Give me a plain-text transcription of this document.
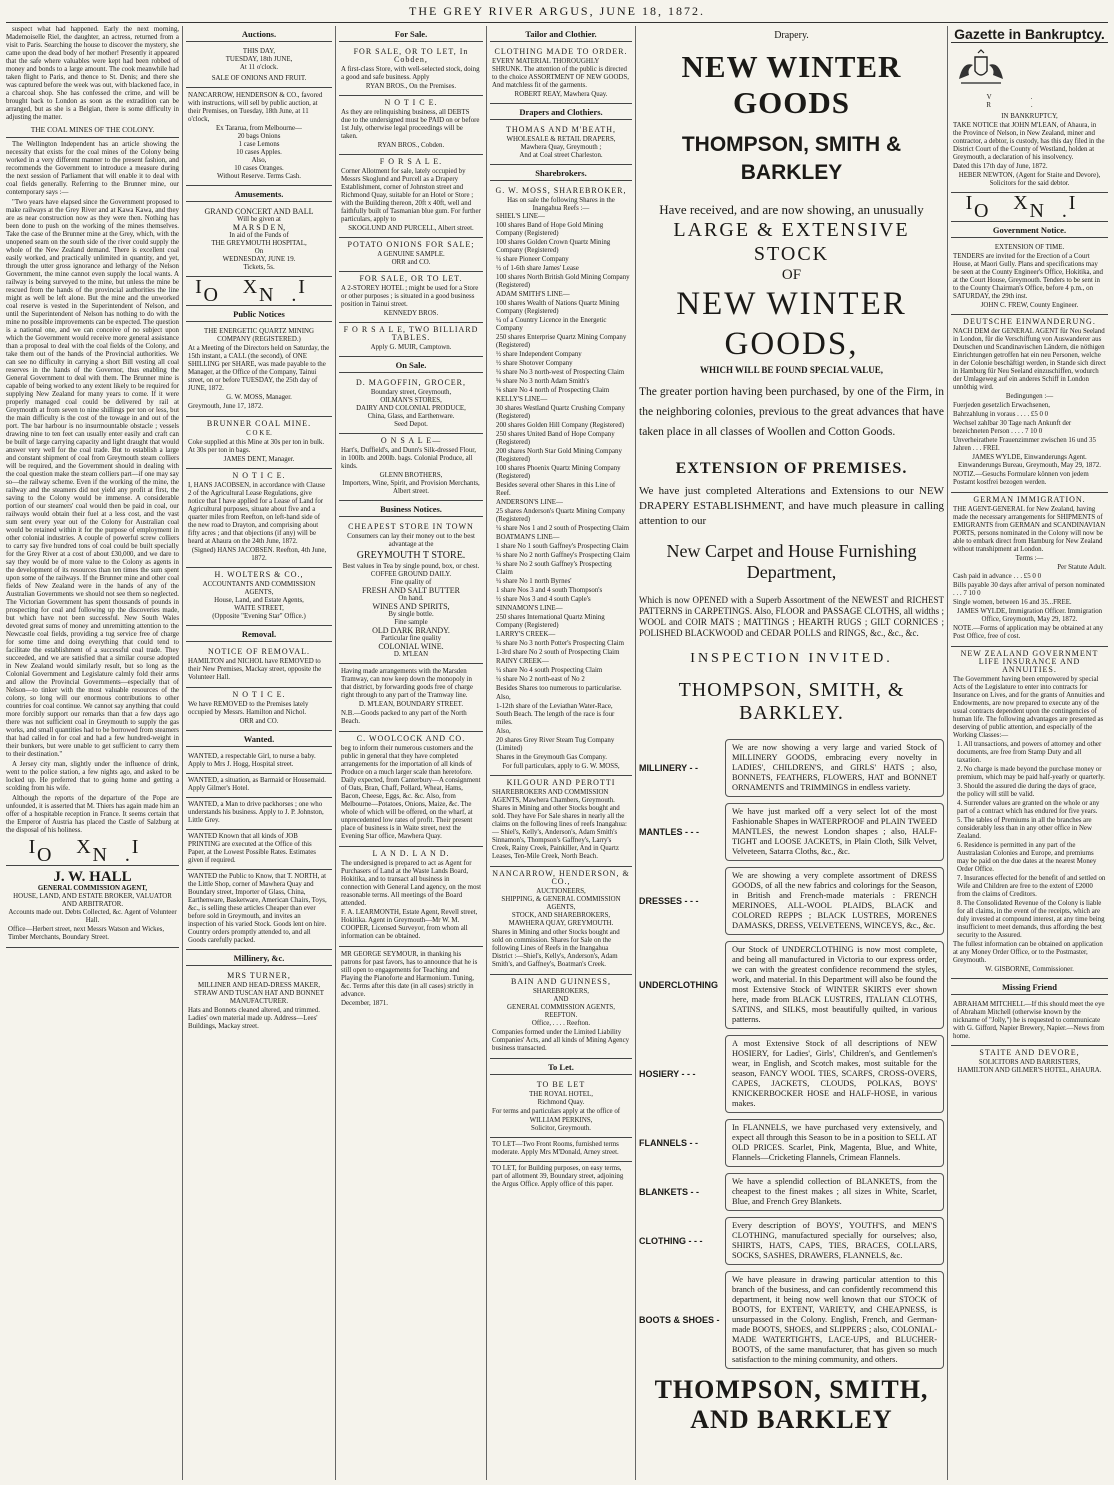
THE GREY RIVER ARGUS, JUNE 18, 1872.

suspect what had happened. Early the next morning, Mademoiselle Riel, the daughter, an actress, returned from a visit to Paris. Searching the house to discover the mystery, she came upon the dead body of her mother! Presently it appeared that the safe where valuables were kept had been robbed of money and bonds to a large amount. The cook meanwhile had taken flight to Paris, and thence to St. Denis; and there she was captured before the week was out, with blackened face, in a charcoal shop. She has confessed the crime, and will be brought back to London as soon as the extradition can be arranged, but as she is a Belgian, there is some difficulty in adjusting the matter.

THE COAL MINES OF THE COLONY.

The Wellington Independent has an article showing the necessity that exists for the coal mines of the Colony being worked in a very different manner to the present fashion, and recommends the Government to introduce a measure during the next session of Parliament that will enable it to deal with coal fields generally. Referring to the Brunner mine, our contemporary says :—

"Two years have elapsed since the Government proposed to make railways at the Grey River and at Kawa Kawa, and they are as near construction now as they were then. Nothing has been done to push on the working of the mines themselves. Take the case of the Brunner mine at the Grey, which, with the unopened seam on the south side of the river could supply the whole of the New Zealand demand. There is excellent coal easily worked, and practically unlimited in quantity, and yet, through the utter gross ignorance and lethargy of the Nelson Government, the mine cannot even supply the local wants. A railway is being surveyed to the mine, but unless the mine be rescued from the hands of the provincial authorities the line might as well be left alone. But the mine and the unworked coal reserve is vested in the Superintendent of Nelson, and until the Superintendent of Nelson has nothing to do with the mine no possible improvements can be expected. The question is a national one, and we can conceive of no subject upon which the Government would receive more general assistance than a proposal to deal with the coal fields of the Colony, and take them out of the hands of the Provincial authorities. We can see no difficulty in carrying a short Bill vesting all coal reserves in the hands of the Governor, thus enabling the General Government to deal with them. The Brunner mine is capable of being worked to any extent likely to be required for supplying New Zealand for many years to come. If it were properly managed coal could be delivered by rail at Greymouth at from seven to nine shillings per ton or less, but the main difficulty is the cost of the towage in and out of the port. The bar harbour is no insurmountable obstacle ; vessels drawing nine to ten feet can usually enter easily and craft can be built of large carrying capacity and light draught that would answer very well for the coal trade. But to establish a large and constant shipment of coal from Greymouth steam colliers will be required, and the Government should in dealing with the coal question make the steam colliers part—if one may say so—the railway scheme. Even if the working of the mine, the railway and the steamers did not yield any profit at first, the saving to the Colony would be immense. A considerable portion of our steamers' coal would then be paid in coal, our railways would obtain their fuel at a less cost, and the vast sum sent every year out of the Colony for Australian coal would be retained within it for the purpose of employment in other colonial industries. A couple of powerful screw colliers to carry say five hundred tons of coal could be built specially for the Grey River at a cost of about £30,000, and we dare to say they would be of more value to the Colony as agents in the development of its resources than ten times the sum spent upon some of the railways. If the Brunner mine and other coal fields of New Zealand were in the hands of any of the Australian Governments we should not see them so neglected. The Victorian Government has spent thousands of pounds in prospecting for coal and following up the discoveries made, but which have not been successful. New South Wales devoted great sums of money and unremitting attention to the Newcastle coal fields, providing a tug service free of charge for some time and doing everything that could tend to facilitate the establishment of a successful coal trade. They succeeded, and we are satisfied that a similar course adopted in New Zealand would similarly result, but so long as the Colonial Government and Legislature calmly fold their arms and allow the Provincial Governments—especially that of Nelson—to tinker with the most valuable resources of the colony, so long will our enormous contributions to other countries for coal continue. We cannot say anything that could more forcibly support our remarks than that a few days ago there was not sufficient coal in Greymouth to supply the gas works, and small quantities had to be borrowed from steamers that had called in for coal and had a few hundred-weight in their bunkers, but were unable to get sufficient to carry them to their destination."

A Jersey city man, slightly under the influence of drink, went to the police station, a few nights ago, and asked to be locked up. He preferred that to going home and getting a scolding from his wife.

Although the reports of the departure of the Pope are unfounded, it is asserted that M. Thiers has again made him an offer of a hospitable reception in France. It seems certain that the Emperor of Austria has placed the Castle of Salzburg at the disposal of his holiness.

I X I O N.
J. W. HALL
GENERAL COMMISSION AGENT,
HOUSE, LAND, AND ESTATE BROKER, VALUATOR AND ARBITRATOR.
Accounts made out. Debts Collected, &c. Agent of Volunteer Hall.
Office—Herbert street, next Messrs Watson and Wickes, Timber Merchants, Boundary Street.
Auctions.
THIS DAY,
TUESDAY, 18th JUNE,
At 11 o'clock.
SALE OF ONIONS AND FRUIT.
NANCARROW, HENDERSON & CO., favored with instructions, will sell by public auction, at their Premises, on Tuesday, 18th June, at 11 o'clock,
Ex Tararua, from Melbourne—
20 bags Onions
1 case Lemons
10 cases Apples.
Also,
10 cases Oranges.
Without Reserve. Terms Cash.
Amusements.
GRAND CONCERT AND BALL
Will be given at
M A R S D E N,
In aid of the Funds of
THE GREYMOUTH HOSPITAL,
On
WEDNESDAY, JUNE 19.
Tickets, 5s.
I X I O N.
Public Notices
THE ENERGETIC QUARTZ MINING COMPANY (REGISTERED.)
At a Meeting of the Directors held on Saturday, the 15th instant, a CALL (the second), of ONE SHILLING per SHARE, was made payable to the Manager, at the Office of the Company, Tainui street, on or before TUESDAY, the 25th day of JUNE, 1872.
G. W. MOSS, Manager.
Greymouth, June 17, 1872.
BRUNNER COAL MINE.
C O K E.
Coke supplied at this Mine at 30s per ton in bulk. At 30s per ton in bags.
JAMES DENT, Manager.
N O T I C E.
I, HANS JACOBSEN, in accordance with Clause 2 of the Agricultural Lease Regulations, give notice that I have applied for a Lease of Land for Agricultural purposes, situate about five and a quarter miles from Reefton, on left-hand side of the new road to Drayton, and comprising about fifty acres ; and that objections (if any) will be heard at Ahaura on the 24th June, 1872.
(Signed) HANS JACOBSEN. Reefton, 4th June, 1872.
H. WOLTERS & CO.,
ACCOUNTANTS AND COMMISSION AGENTS,
House, Land, and Estate Agents,
WAITE STREET,
(Opposite "Evening Star" Office.)
Removal.
NOTICE OF REMOVAL.
HAMILTON and NICHOL have REMOVED to their New Premises, Mackay street, opposite the Volunteer Hall.
N O T I C E.
We have REMOVED to the Premises lately occupied by Messrs. Hamilton and Nichol.
ORR and CO.
Wanted.
WANTED, a respectable Girl, to nurse a baby. Apply to Mrs J. Hogg, Hospital street.
WANTED, a situation, as Barmaid or Housemaid. Apply Gilmer's Hotel.
WANTED, a Man to drive packhorses ; one who understands his business. Apply to J. P. Johnston, Little Grey.
WANTED Known that all kinds of JOB PRINTING are executed at the Office of this Paper, at the Lowest Possible Rates. Estimates given if required.
WANTED the Public to Know, that T. NORTH, at the Little Shop, corner of Mawhera Quay and Boundary street, Importer of Glass, China, Earthenware, Basketware, American Chairs, Toys, &c., is selling these articles Cheaper than ever before sold in Greymouth, and invites an inspection of his varied Stock. Goods lent on hire. Country orders promptly attended to, and all Goods carefully packed.
Millinery, &c.
MRS TURNER,
MILLINER AND HEAD-DRESS MAKER,
STRAW AND TUSCAN HAT AND BONNET MANUFACTURER.
Hats and Bonnets cleaned altered, and trimmed. Ladies' own material made up. Address—Lees' Buildings, Mackay street.
For Sale.
FOR SALE, OR TO LET, In Cobden,
A first-class Store, with well-selected stock, doing a good and safe business. Apply
RYAN BROS., On the Premises.
N O T I C E.
As they are relinquishing business, all DEBTS due to the undersigned must be PAID on or before 1st July, otherwise legal proceedings will be taken.
RYAN BROS., Cobden.
F O R S A L E.
Corner Allotment for sale, lately occupied by Messrs Skoglund and Purcell as a Drapery Establishment, corner of Johnston street and Richmond Quay, suitable for an Hotel or Store ; with the Building thereon, 20ft x 40ft, well and faithfully built of Tasmanian blue gum. For further particulars, apply to
SKOGLUND AND PURCELL, Albert street.
POTATO ONIONS FOR SALE;
A GENUINE SAMPLE.
ORR and CO.
FOR SALE, OR TO LET.
A 2-STOREY HOTEL ; might be used for a Store or other purposes ; is situated in a good business position in Tainui street.
KENNEDY BROS.
F O R S A L E, TWO BILLIARD TABLES.
Apply G. MUIR, Camptown.
On Sale.
D. MAGOFFIN, GROCER,
Boundary street, Greymouth,
OILMAN'S STORES,
DAIRY AND COLONIAL PRODUCE,
China, Glass, and Earthenware.
Seed Depot.
O N S A L E—
Hart's, Duffield's, and Dunn's Silk-dressed Flour, in 100lb. and 200lb. bags. Colonial Produce, all kinds.
GLENN BROTHERS,
Importers, Wine, Spirit, and Provision Merchants, Albert street.
Business Notices.
CHEAPEST STORE IN TOWN
Consumers can lay their money out to the best advantage at the
GREYMOUTH T STORE.
Best values in Tea by single pound, box, or chest.
COFFEE GROUND DAILY.
Fine quality of
FRESH AND SALT BUTTER
On hand.
WINES AND SPIRITS,
By single bottle.
Fine sample
OLD DARK BRANDY.
Particular fine quality
COLONIAL WINE.
D. M'LEAN
Having made arrangements with the Marsden Tramway, can now keep down the monopoly in that district, by forwarding goods free of charge right through to any part of the Tramway line.
D. M'LEAN, BOUNDARY STREET.
N.B.—Goods packed to any part of the North Beach.
C. WOOLCOCK AND CO.
beg to inform their numerous customers and the public in general that they have completed arrangements for the importation of all kinds of Produce on a much larger scale than heretofore. Daily expected, from Canterbury—A consignment of Oats, Bran, Chaff, Pollard, Wheat, Hams, Bacon, Cheese, Eggs, &c. &c. Also, from Melbourne—Potatoes, Onions, Maize, &c. The whole of which will be offered, on the wharf, at unprecedented low rates of profit. Their present place of business is in Waite street, next the Evening Star office, Mawhera Quay.
L A N D. L A N D.
The undersigned is prepared to act as Agent for Purchasers of Land at the Waste Lands Board, Hokitika, and to transact all business in connection with General Land agency, on the most reasonable terms. All meetings of the Board attended.
F. A. LEARMONTH, Estate Agent, Revell street, Hokitika. Agent in Greymouth—Mr W. M. COOPER, Licensed Surveyor, from whom all information can be obtained.
MR GEORGE SEYMOUR, in thanking his patrons for past favors, has to announce that he is still open to engagements for Teaching and Playing the Pianoforte and Harmonium. Tuning, &c. Terms after this date (in all cases) strictly in advance.
December, 1871.
Tailor and Clothier.
CLOTHING MADE TO ORDER.
EVERY MATERIAL THOROUGHLY SHRUNK. The attention of the public is directed to the choice ASSORTMENT OF NEW GOODS, And matchless fit of the garments.
ROBERT REAY, Mawhera Quay.
Drapers and Clothiers.
THOMAS AND M'BEATH,
WHOLESALE & RETAIL DRAPERS,
Mawhera Quay, Greymouth ;
And at Coal street Charleston.
Sharebrokers.
G. W. MOSS, SHAREBROKER,
Has on sale the following Shares in the Inangahua Reefs :—
SHIEL'S LINE—
100 shares Band of Hope Gold Mining Company (Registered)
100 shares Golden Crown Quartz Mining Company (Registered)
¼ share Pioneer Company
½ of 1-6th share James' Lease
100 shares North British Gold Mining Company (Registered)
ADAM SMITH'S LINE—
100 shares Wealth of Nations Quartz Mining Company (Registered)
¼ of a Country Licence in the Energetic Company
250 shares Enterprise Quartz Mining Company (Registered)
½ share Independent Company
½ share Shotover Company
¼ share No 3 north-west of Prospecting Claim
⅛ share No 3 north Adam Smith's
⅛ share No 4 north of Prospecting Claim
KELLY'S LINE—
30 shares Westland Quartz Crushing Company (Registered)
200 shares Golden Hill Company (Registered)
250 shares United Band of Hope Company (Registered)
200 shares North Star Gold Mining Company (Registered)
100 shares Phoenix Quartz Mining Company (Registered)
Besides several other Shares in this Line of Reef.
ANDERSON'S LINE—
25 shares Anderson's Quartz Mining Company (Registered)
¼ share Nos 1 and 2 south of Prospecting Claim
BOATMAN'S LINE—
1 share No 1 south Gaffney's Prospecting Claim
¼ share No 2 north Gaffney's Prospecting Claim
¼ share No 2 south Gaffney's Prospecting Claim
¼ share No 1 north Byrnes'
1 share Nos 3 and 4 south Thompson's
½ share Nos 3 and 4 south Caple's
SINNAMON'S LINE—
250 shares International Quartz Mining Company (Registered)
LARRY'S CREEK—
¼ share No 3 north Potter's Prospecting Claim
1-3rd share No 2 south of Prospecting Claim
RAINY CREEK—
¼ share No 4 south Prospecting Claim
¼ share No 2 north-east of No 2
Besides Shares too numerous to particularise.
Also,
1-12th share of the Leviathan Water-Race, South Beach. The length of the race is four miles.
Also,
20 shares Grey River Steam Tug Company (Limited)
Shares in the Greymouth Gas Company.
For full particulars, apply to G. W. MOSS,
KILGOUR AND PEROTTI
SHAREBROKERS AND COMMISSION AGENTS, Mawhera Chambers, Greymouth. Shares in Mining and other Stocks bought and sold. They have For Sale shares in nearly all the claims on the following lines of reefs Inangahua:— Shiel's, Kelly's, Anderson's, Adam Smith's Sinnamon's, Thompson's Gaffney's, Larry's Creek, Rainy Creek, Painkiller, And in Quartz Leases, Ten-Mile Creek, North Beach.
NANCARROW, HENDERSON, & CO.,
AUCTIONEERS,
SHIPPING, & GENERAL COMMISSION AGENTS,
STOCK, AND SHAREBROKERS,
MAWHERA QUAY, GREYMOUTH.
Shares in Mining and other Stocks bought and sold on commission. Shares for Sale on the following Lines of Reefs in the Inangahua District :—Shiel's, Kelly's, Anderson's, Adam Smith's, and Gaffney's, Boatman's Creek.
BAIN AND GUINNESS,
SHAREBROKERS,
AND
GENERAL COMMISSION AGENTS,
REEFTON.
Office, . . . . Reefton.
Companies formed under the Limited Liability Companies' Acts, and all kinds of Mining Agency business transacted.
To Let.
TO BE LET
THE ROYAL HOTEL,
Richmond Quay.
For terms and particulars apply at the office of
WILLIAM PERKINS,
Solicitor, Greymouth.
TO LET—Two Front Rooms, furnished terms moderate. Apply Mrs M'Donald, Arney street.
TO LET, for Building purposes, on easy terms, part of allotment 39, Boundary street, adjoining the Argus Office. Apply office of this paper.
Drapery.
NEW WINTER GOODS
THOMPSON, SMITH & BARKLEY
Have received, and are now showing, an unusually
LARGE & EXTENSIVE STOCK
OF
NEW WINTER GOODS,
WHICH WILL BE FOUND SPECIAL VALUE,
The greater portion having been purchased, by one of the Firm, in the neighboring colonies, previous to the great advances that have taken place in all classes of Woollen and Cotton Goods.
EXTENSION OF PREMISES.
We have just completed Alterations and Extensions to our NEW DRAPERY ESTABLISHMENT, and have much pleasure in calling attention to our
New Carpet and House Furnishing Department,
Which is now OPENED with a Superb Assortment of the NEWEST and RICHEST PATTERNS in CARPETINGS. Also, FLOOR and PASSAGE CLOTHS, all widths ; WOOL and COIR MATS ; MATTINGS ; HEARTH RUGS ; GILT CORNICES ; POLISHED BLACKWOOD and CEDAR POLLS and RINGS, &c., &c., &c.
INSPECTION INVITED.
THOMPSON, SMITH, & BARKLEY.
MILLINERY - -
We are now showing a very large and varied Stock of MILLINERY GOODS, embracing every novelty in LADIES', CHILDREN'S, and GIRLS' HATS ; also, BONNETS, FEATHERS, FLOWERS, HAT and BONNET ORNAMENTS and TRIMMINGS in endless variety.
MANTLES - - -
We have just marked off a very select lot of the most Fashionable Shapes in WATERPROOF and PLAIN TWEED MANTLES, the newest London shapes ; also, HALF-TIGHT and LOOSE JACKETS, in Plain Cloth, Silk Velvet, Velveteen, Satarra Cloths, &c., &c.
DRESSES - - -
We are showing a very complete assortment of DRESS GOODS, of all the new fabrics and colorings for the Season, in British and French-made materials : FRENCH MERINOES, ALL-WOOL PLAIDS, BLACK and COLORED REPPS ; BLACK LUSTRES, MORENES DAMASKS, DRESS, VELVETEENS, WINCEYS, &c., &c.
UNDERCLOTHING
Our Stock of UNDERCLOTHING is now most complete, and being all manufactured in Victoria to our express order, we can with the greatest confidence recommend the styles, work, and material. In this Department will also be found the most Extensive Stock of WINTER SKIRTS ever shown here, made from BLACK LUSTRES, ITALIAN CLOTHS, SATINS, and SILKS, most beautifully quilted, in various patterns.
HOSIERY - - -
A most Extensive Stock of all descriptions of NEW HOSIERY, for Ladies', Girls', Children's, and Gentlemen's wear, in English, and Scotch makes, most suitable for the season, FANCY WOOL TIES, SCARFS, CROSS-OVERS, CAPES, JACKETS, CLOUDS, POLKAS, BOYS' KNICKERBOCKER HOSE and HALF-HOSE, in various makes.
FLANNELS - -
In FLANNELS, we have purchased very extensively, and expect all through this Season to be in a position to SELL AT OLD PRICES. Scarlet, Pink, Magenta, Blue, and White, Flannels—Cricketing Flannels, Crimean Flannels.
BLANKETS - -
We have a splendid collection of BLANKETS, from the cheapest to the finest makes ; all sizes in White, Scarlet, Blue, and French Grey Blankets.
CLOTHING - - -
Every description of BOYS', YOUTH'S, and MEN'S CLOTHING, manufactured specially for ourselves; also, SHIRTS, HATS, CAPS, TIES, BRACES, COLLARS, SOCKS, SASHES, DRAWERS, FLANNELS, &c.
BOOTS & SHOES -
We have pleasure in drawing particular attention to this branch of the business, and can confidently recommend this department, it being now well known that our STOCK of BOOTS, for EXTENT, VARIETY, and CHEAPNESS, is unsurpassed in the Colony. English, French, and German-made BOOTS, SHOES, and SLIPPERS ; also, COLONIAL-MADE WATERTIGHTS, LACE-UPS, and BLUCHER-BOOTS, of the same manufacturer, that has given so much satisfaction to the mining community, and others.
THOMPSON, SMITH, AND BARKLEY
Gazette in Bankruptcy.
V. R.
IN BANKRUPTCY,
TAKE NOTICE that JOHN M'LEAN, of Ahaura, in the Province of Nelson, in New Zealand, miner and contractor, a debtor, is custody, has this day filed in the District Court of the County of Westland, holden at Greymouth, a declaration of his insolvency.
Dated this 17th day of June, 1872.
HEBER NEWTON, (Agent for Staite and Devore), Solicitors for the said debtor.
I X I O N.
Government Notice.
EXTENSION OF TIME.
TENDERS are invited for the Erection of a Court House, at Maori Gully. Plans and specifications may be seen at the County Engineer's Office, Hokitika, and at the Court House, Greymouth. Tenders to be sent in to the County Chairman's Office, before 4 p.m., on SATURDAY, the 29th inst.
JOHN C. FREW, County Engineer.
DEUTSCHE EINWANDERUNG.
NACH DEM der GENERAL AGENT für Neu Seeland in London, für die Verschiffung von Auswanderer aus Deutschen und Scandinavischen Ländern, die nöthigen Einrichtungen getroffen hat ein neu Personen, welche in der Colonie beschäftigt werden, in Stande sich direct in Hamburg für Neu Seeland einzuschiffen, wodurch der Umlageweg auf ein anderes Schiff in London unnöthig wird.
Bedingungen :—
Fuerjeden gesetzlich Erwachsenen,
Bahrzahlung in voraus . . . . £5 0 0
Wechsel zahlbar 30 Tage nach Ankunft der bezeichneten Person . . . . 7 10 0
Unverheirathete Frauenzimmer zwischen 16 und 35 Jahren . . . FREI.
JAMES WYLDE, Einwanderungs Agent. Einwanderungs Bureau, Greymouth, May 29, 1872.
NOTIZ.—Gesuchs Formulare können von jedem Postamt kostfrei bezogen werden.
GERMAN IMMIGRATION.
THE AGENT-GENERAL for New Zealand, having made the necessary arrangements for SHIPMENTS of EMIGRANTS from GERMAN and SCANDINAVIAN PORTS, persons nominated in the Colony will now be able to embark direct from Hamburg for New Zealand without transhipment at London.
Terms :—
Per Statute Adult.
Cash paid in advance . . . £5 0 0
Bills payable 30 days after arrival of person nominated . . . 7 10 0
Single women, between 16 and 35...FREE.
JAMES WYLDE, Immigration Officer. Immigration Office, Greymouth, May 29, 1872.
NOTE.—Forms of application may be obtained at any Post Office, free of cost.
NEW ZEALAND GOVERNMENT LIFE INSURANCE AND ANNUITIES.
The Government having been empowered by special Acts of the Legislature to enter into contracts for Insurance on Lives, and for the grants of Annuities and Endowments, are now prepared to execute any of the usual contracts dependent upon the contingencies of human life. The following advantages are presented as deserving of public attention, and especially of the Working Classes:—
1. All transactions, and powers of attorney and other documents, are free from Stamp Duty and all taxation.
2. No charge is made beyond the purchase money or premium, which may be paid half-yearly or quarterly.
3. Should the assured die during the days of grace, the policy will still be valid.
4. Surrender values are granted on the whole or any part of a contract which has endured for five years.
5. The tables of Premiums in all the branches are considerably less than in any other office in New Zealand.
6. Residence is permitted in any part of the Australasian Colonies and Europe, and premiums may be paid on the due dates at the nearest Money Order Office.
7. Insurances effected for the benefit of and settled on Wife and Children are free to the extent of £2000 from the claims of Creditors.
8. The Consolidated Revenue of the Colony is liable for all claims, in the event of the receipts, which are duly invested at compound interest, at any time being insufficient to meet demands, thus affording the best security to the Assured.
The fullest information can be obtained on application at any Money Order Office, or to the Postmaster, Greymouth.
W. GISBORNE, Commissioner.
Missing Friend
ABRAHAM MITCHELL—If this should meet the eye of Abraham Mitchell (otherwise known by the nickname of "Jolly,") he is requested to communicate with G. Gifford, Napier Brewery, Napier.—News from home.
STAITE AND DEVORE,
SOLICITORS AND BARRISTERS,
HAMILTON AND GILMER'S HOTEL, AHAURA.
